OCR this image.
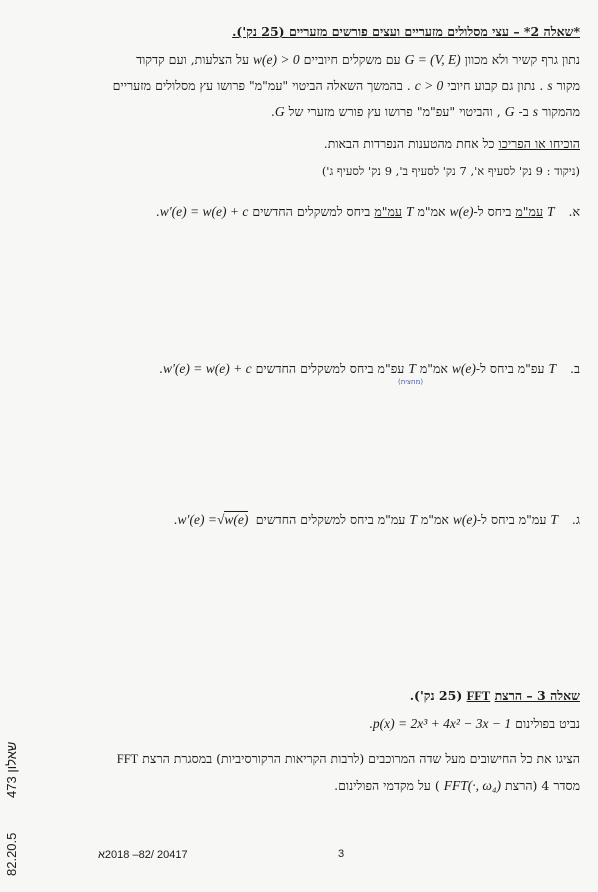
*שאלה 2* – עצי מסלולים מזעריים ועצים פורשים מזעריים (25 נק').
נתון גרף קשיר ולא מכוון G = (V, E) עם משקלים חיוביים w(e) > 0 על הצלעות, ועם קדקוד
מקור s . נתון גם קבוע חיובי c > 0 . בהמשך השאלה הביטוי "עמ"מ" פרושו עץ מסלולים מזעריים
מהמקור s ב- G , והביטוי "עפ"מ" פרושו עץ פורש מזערי של G.
הוכיחו או הפריכו כל אחת מהטענות הנפרדות הבאות.
(ניקוד : 9 נק' לסעיף א', 7 נק' לסעיף ב', 9 נק' לסעיף ג')
א. T עמ"מ ביחס ל-w(e) אמ"מ T עמ"מ ביחס למשקלים החדשים w′(e) = w(e) + c.
ב. T עפ"מ ביחס ל-w(e) אמ"מ T עפ"מ ביחס למשקלים החדשים w′(e) = w(e) + c.
(מחצית)
ג. T עמ"מ ביחס ל-w(e) אמ"מ T עמ"מ ביחס למשקלים החדשים w′(e) =√w(e) .
שאלה 3 – הרצת FFT (25 נק').
נביט בפולינום p(x) = 2x³ + 4x² − 3x − 1.
הציגו את כל החישובים מעל שדה המרוכבים (לרבות הקריאות הרקורסיביות) במסגרת הרצת FFT
מסדר 4 (הרצת FFT(·, ω₄) ) על מקדמי הפולינום.
3
20417 /82– 2018א
שאלון 473
82.20.5
